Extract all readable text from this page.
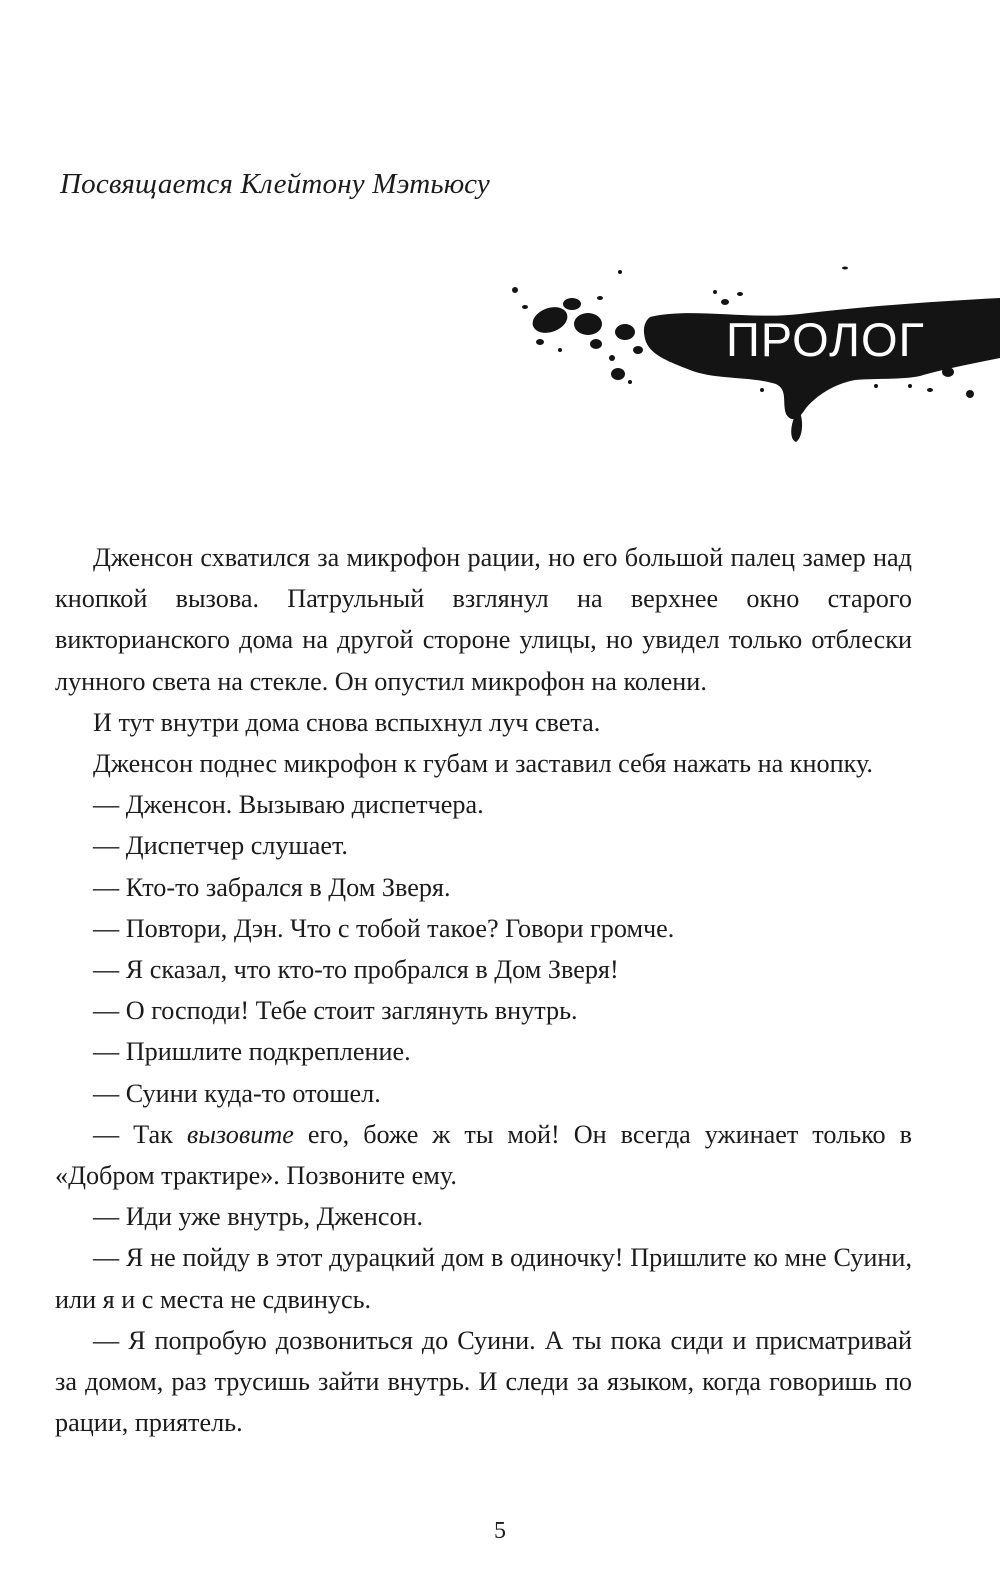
Посвящается Клейтону Мэтьюсу
ПРОЛОГ

Дженсон схватился за микрофон рации, но его большой палец замер над кнопкой вызова. Патрульный взглянул на верхнее окно старого викторианского дома на другой стороне улицы, но увидел только отблески лунного света на стекле. Он опустил микрофон на колени.

И тут внутри дома снова вспыхнул луч света.

Дженсон поднес микрофон к губам и заставил себя нажать на кнопку.

— Дженсон. Вызываю диспетчера.

— Диспетчер слушает.

— Кто-то забрался в Дом Зверя.

— Повтори, Дэн. Что с тобой такое? Говори громче.

— Я сказал, что кто-то пробрался в Дом Зверя!

— О господи! Тебе стоит заглянуть внутрь.

— Пришлите подкрепление.

— Суини куда-то отошел.

— Так вызовите его, боже ж ты мой! Он всегда ужинает только в «Добром трактире». Позвоните ему.

— Иди уже внутрь, Дженсон.

— Я не пойду в этот дурацкий дом в одиночку! Пришлите ко мне Суини, или я и с места не сдвинусь.

— Я попробую дозвониться до Суини. А ты пока сиди и присматривай за домом, раз трусишь зайти внутрь. И следи за языком, когда говоришь по рации, приятель.

5
